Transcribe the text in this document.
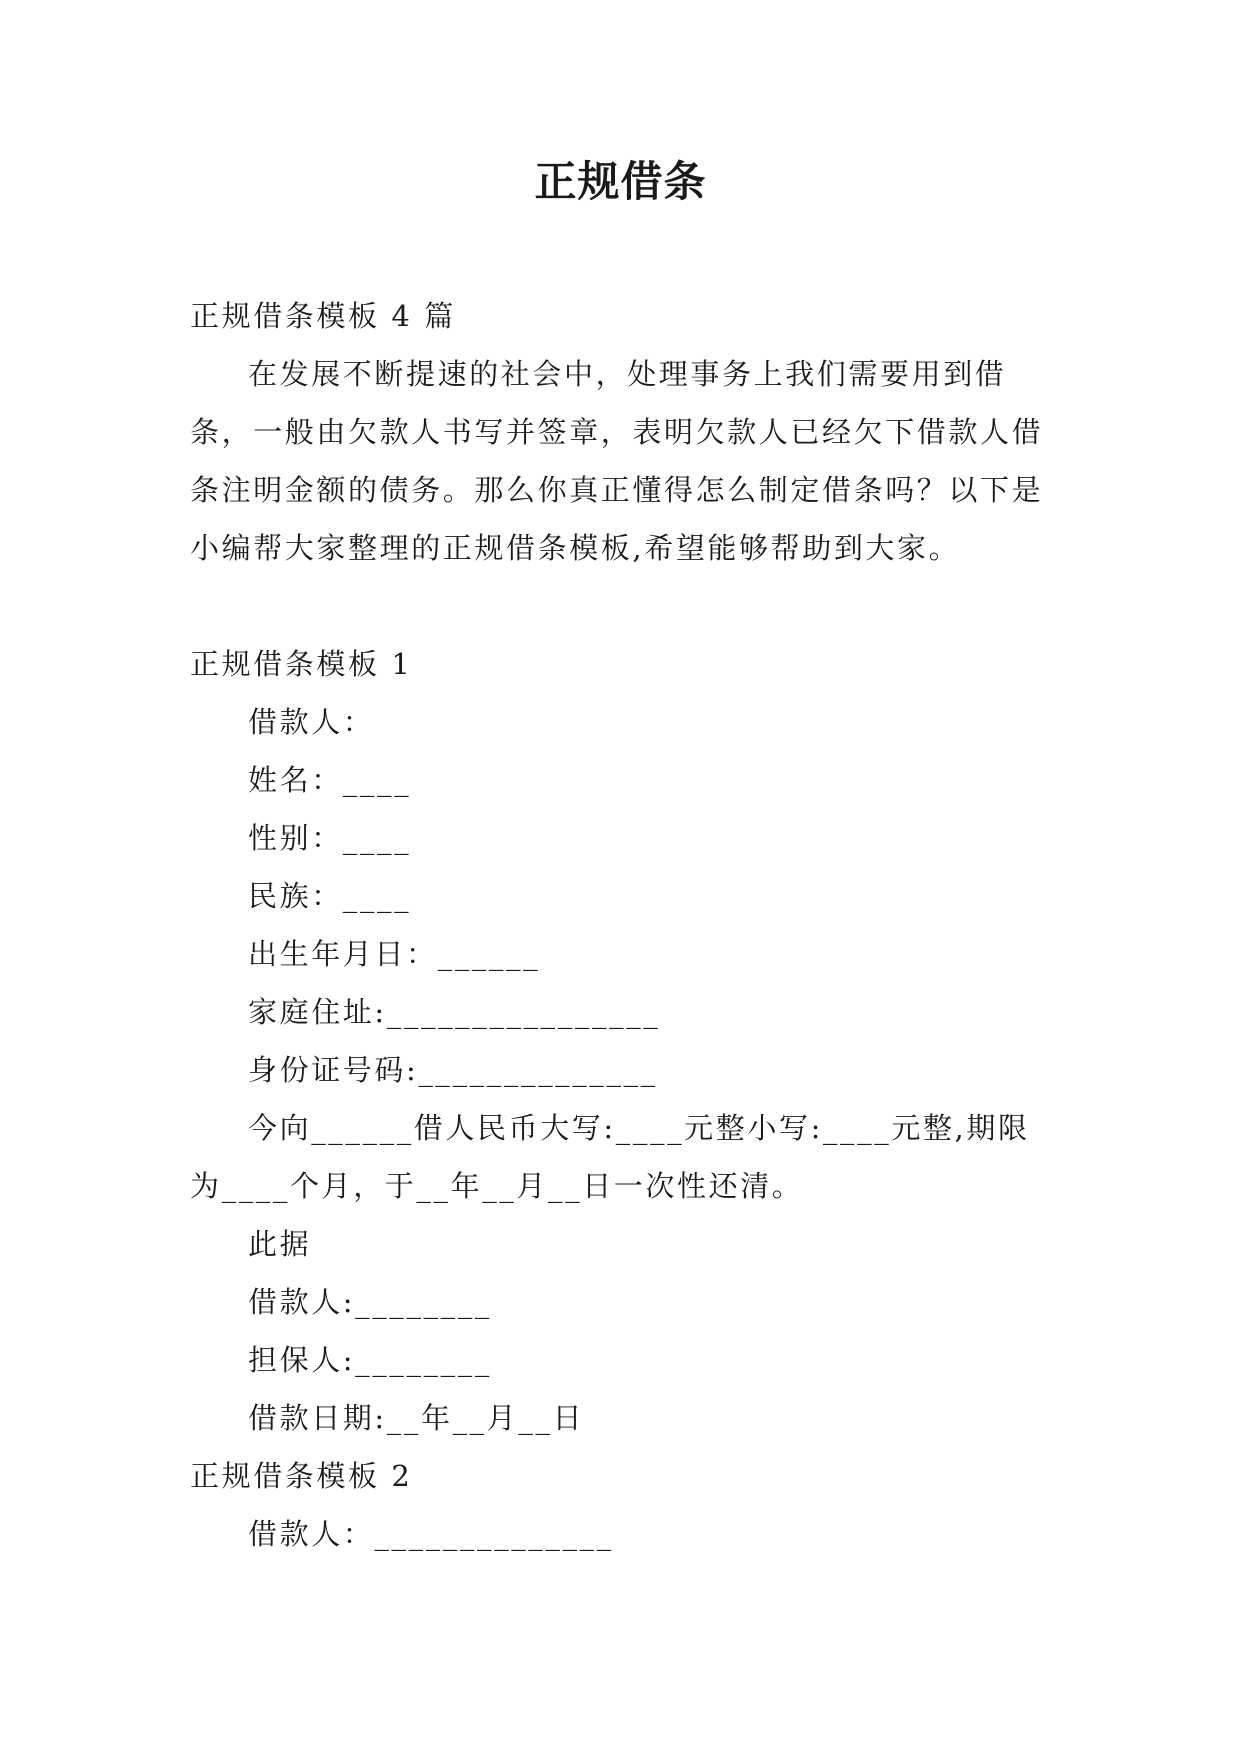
正规借条

正规借条模板 4 篇

在发展不断提速的社会中，处理事务上我们需要用到借条，一般由欠款人书写并签章，表明欠款人已经欠下借款人借条注明金额的债务。那么你真正懂得怎么制定借条吗？以下是小编帮大家整理的正规借条模板,希望能够帮助到大家。

正规借条模板 1

借款人：

姓名：____

性别：____

民族：____

出生年月日：______

家庭住址:________________

身份证号码:______________

今向______借人民币大写:____元整小写:____元整,期限为____个月，于__年__月__日一次性还清。

此据

借款人:________

担保人:________

借款日期:__年__月__日

正规借条模板 2

借款人：______________
